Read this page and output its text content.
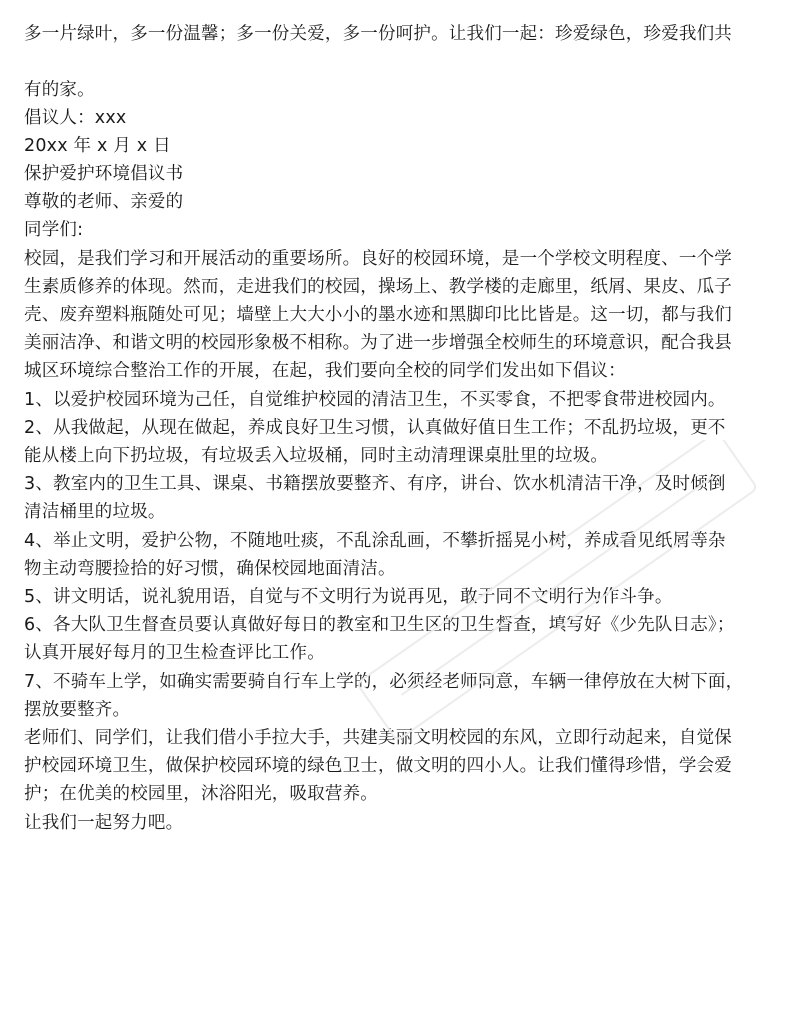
多一片绿叶，多一份温馨；多一份关爱，多一份呵护。让我们一起：珍爱绿色，珍爱我们共
有的家。
倡议人：xxx
20xx 年 x 月 x 日
保护爱护环境倡议书
尊敬的老师、亲爱的
同学们:
校园，是我们学习和开展活动的重要场所。良好的校园环境，是一个学校文明程度、一个学
生素质修养的体现。然而，走进我们的校园，操场上、教学楼的走廊里，纸屑、果皮、瓜子
壳、废弃塑料瓶随处可见；墙壁上大大小小的墨水迹和黑脚印比比皆是。这一切，都与我们
美丽洁净、和谐文明的校园形象极不相称。为了进一步增强全校师生的环境意识，配合我县
城区环境综合整治工作的开展，在起，我们要向全校的同学们发出如下倡议：
1、以爱护校园环境为己任，自觉维护校园的清洁卫生，不买零食，不把零食带进校园内。
2、从我做起，从现在做起，养成良好卫生习惯，认真做好值日生工作；不乱扔垃圾，更不
能从楼上向下扔垃圾，有垃圾丢入垃圾桶，同时主动清理课桌肚里的垃圾。
3、教室内的卫生工具、课桌、书籍摆放要整齐、有序，讲台、饮水机清洁干净，及时倾倒
清洁桶里的垃圾。
4、举止文明，爱护公物，不随地吐痰，不乱涂乱画，不攀折摇晃小树，养成看见纸屑等杂
物主动弯腰捡拾的好习惯，确保校园地面清洁。
5、讲文明话，说礼貌用语，自觉与不文明行为说再见，敢于同不文明行为作斗争。
6、各大队卫生督查员要认真做好每日的教室和卫生区的卫生督查，填写好《少先队日志》；
认真开展好每月的卫生检查评比工作。
7、不骑车上学，如确实需要骑自行车上学的，必须经老师同意，车辆一律停放在大树下面，
摆放要整齐。
老师们、同学们，让我们借小手拉大手，共建美丽文明校园的东风，立即行动起来，自觉保
护校园环境卫生，做保护校园环境的绿色卫士，做文明的四小人。让我们懂得珍惜，学会爱
护；在优美的校园里，沐浴阳光，吸取营养。
让我们一起努力吧。
